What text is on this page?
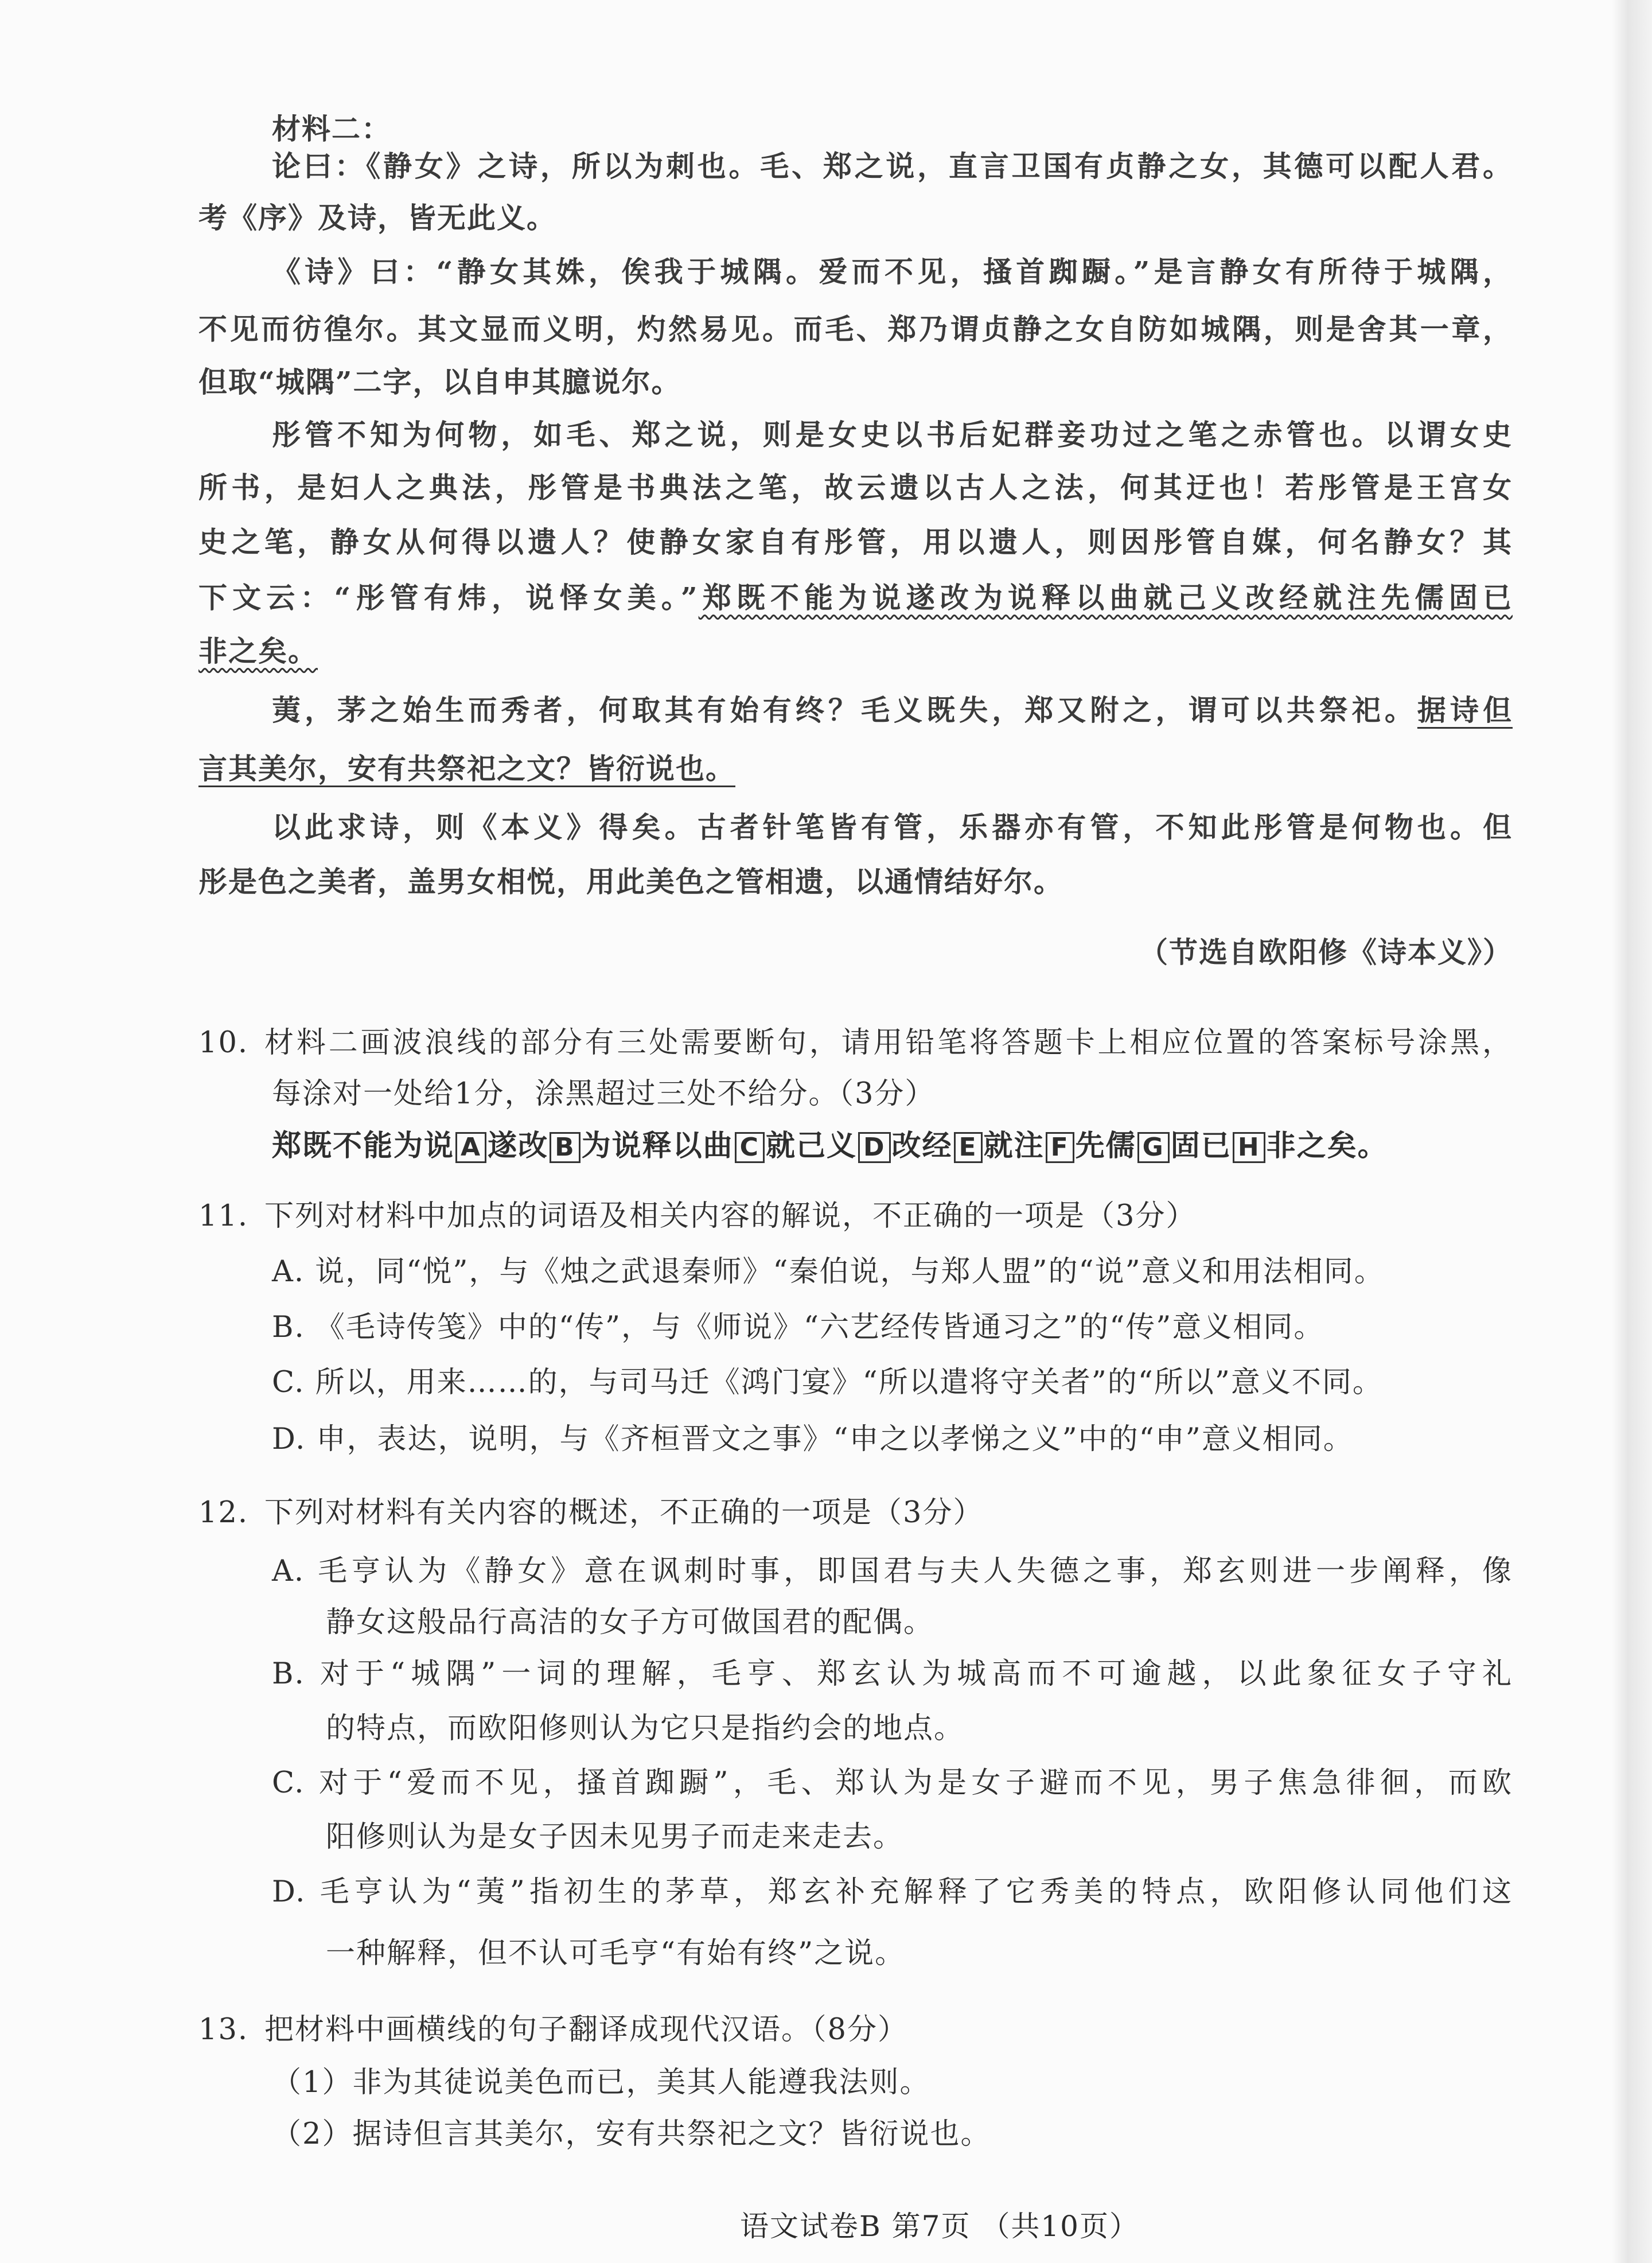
材料二：
论曰：《静女》之诗，所以为刺也。毛、郑之说，直言卫国有贞静之女，其德可以配人君。
考《序》及诗，皆无此义。
《诗》曰：“静女其姝，俟我于城隅。爱而不见，搔首踟蹰。”是言静女有所待于城隅，
不见而彷徨尔。其文显而义明，灼然易见。而毛、郑乃谓贞静之女自防如城隅，则是舍其一章，
但取“城隅”二字，以自申其臆说尔。
彤管不知为何物，如毛、郑之说，则是女史以书后妃群妾功过之笔之赤管也。以谓女史
所书，是妇人之典法，彤管是书典法之笔，故云遗以古人之法，何其迂也！若彤管是王宫女
史之笔，静女从何得以遗人？使静女家自有彤管，用以遗人，则因彤管自媒，何名静女？其
下文云：“彤管有炜，说怿女美。”郑既不能为说遂改为说释以曲就己义改经就注先儒固已
非之矣。
荑，茅之始生而秀者，何取其有始有终？毛义既失，郑又附之，谓可以共祭祀。据诗但
言其美尔，安有共祭祀之文？皆衍说也。
以此求诗，则《本义》得矣。古者针笔皆有管，乐器亦有管，不知此彤管是何物也。但
彤是色之美者，盖男女相悦，用此美色之管相遗，以通情结好尔。
（节选自欧阳修《诗本义》）
10. 材料二画波浪线的部分有三处需要断句，请用铅笔将答题卡上相应位置的答案标号涂黑，
每涂对一处给1分，涂黑超过三处不给分。（3分）
郑既不能为说 A 遂改 B 为说释以曲 C 就己义 D 改经 E 就注 F 先儒 G 固已 H 非之矣。
11. 下列对材料中加点的词语及相关内容的解说，不正确的一项是（3分）
A. 说，同“悦”，与《烛之武退秦师》“秦伯说，与郑人盟”的“说”意义和用法相同。
B. 《毛诗传笺》中的“传”，与《师说》“六艺经传皆通习之”的“传”意义相同。
C. 所以，用来……的，与司马迁《鸿门宴》“所以遣将守关者”的“所以”意义不同。
D. 申，表达，说明，与《齐桓晋文之事》“申之以孝悌之义”中的“申”意义相同。
12. 下列对材料有关内容的概述，不正确的一项是（3分）
A. 毛亨认为《静女》意在讽刺时事，即国君与夫人失德之事，郑玄则进一步阐释，像
静女这般品行高洁的女子方可做国君的配偶。
B. 对于“城隅”一词的理解，毛亨、郑玄认为城高而不可逾越，以此象征女子守礼
的特点，而欧阳修则认为它只是指约会的地点。
C. 对于“爱而不见，搔首踟蹰”，毛、郑认为是女子避而不见，男子焦急徘徊，而欧
阳修则认为是女子因未见男子而走来走去。
D. 毛亨认为“荑”指初生的茅草，郑玄补充解释了它秀美的特点，欧阳修认同他们这
一种解释，但不认可毛亨“有始有终”之说。
13. 把材料中画横线的句子翻译成现代汉语。（8分）
（1）非为其徒说美色而已，美其人能遵我法则。
（2）据诗但言其美尔，安有共祭祀之文？皆衍说也。
语文试卷B 第7页 （共10页）
